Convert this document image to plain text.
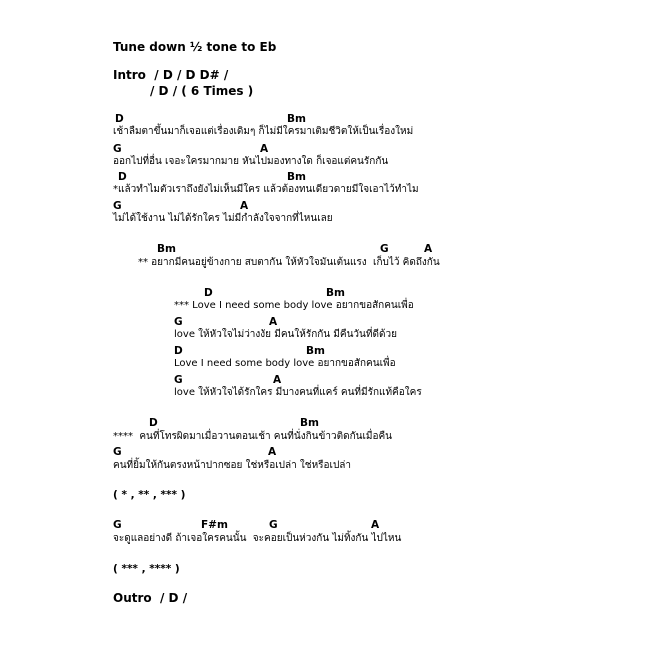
Tune down ½ tone to Eb
Intro  / D / D D# /
/ D / ( 6 Times )
D	Bm
เช้าลืมตาขึ้นมาก็เจอแต่เรื่องเดิมๆ ก็ไม่มีใครมาเติมชีวิตให้เป็นเรื่องใหม่
G	A
ออกไปที่อื่น เจอะใครมากมาย หันไปมองทางใด ก็เจอแต่คนรักกัน
D	Bm
*แล้วทำไมตัวเราถึงยังไม่เห็นมีใคร แล้วต้องทนเดียวดายมีใจเอาไว้ทำไม
G	A
ไม่ได้ใช้งาน ไม่ได้รักใคร ไม่มีกำลังใจจากที่ไหนเลย
Bm	G	A
** อยากมีคนอยู่ข้างกาย สบตากัน ให้หัวใจมันเต้นแรง  เก็บไว้ คิดถึงกัน
D	Bm
*** Love I need some body love อยากขอสักคนเพื่อ
G	A
love ให้หัวใจไม่ว่างงัย มีคนให้รักกัน มีคืนวันที่ดีด้วย
D	Bm
Love I need some body love อยากขอสักคนเพื่อ
G	A
love ให้หัวใจได้รักใคร มีบางคนที่แคร์ คนที่มีรักแท้คือใคร
D	Bm
****  คนที่โทรผิดมาเมื่อวานตอนเช้า คนที่นั่งกินข้าวติดกันเมื่อคืน
G	A
คนที่ยิ้มให้กันตรงหน้าปากซอย ใช่หรือเปล่า ใช่หรือเปล่า
( * , ** , *** )
G	F#m	G	A
จะดูแลอย่างดี ถ้าเจอใครคนนั้น  จะคอยเป็นห่วงกัน ไม่ทิ้งกัน ไปไหน
( *** , **** )
Outro  / D /
